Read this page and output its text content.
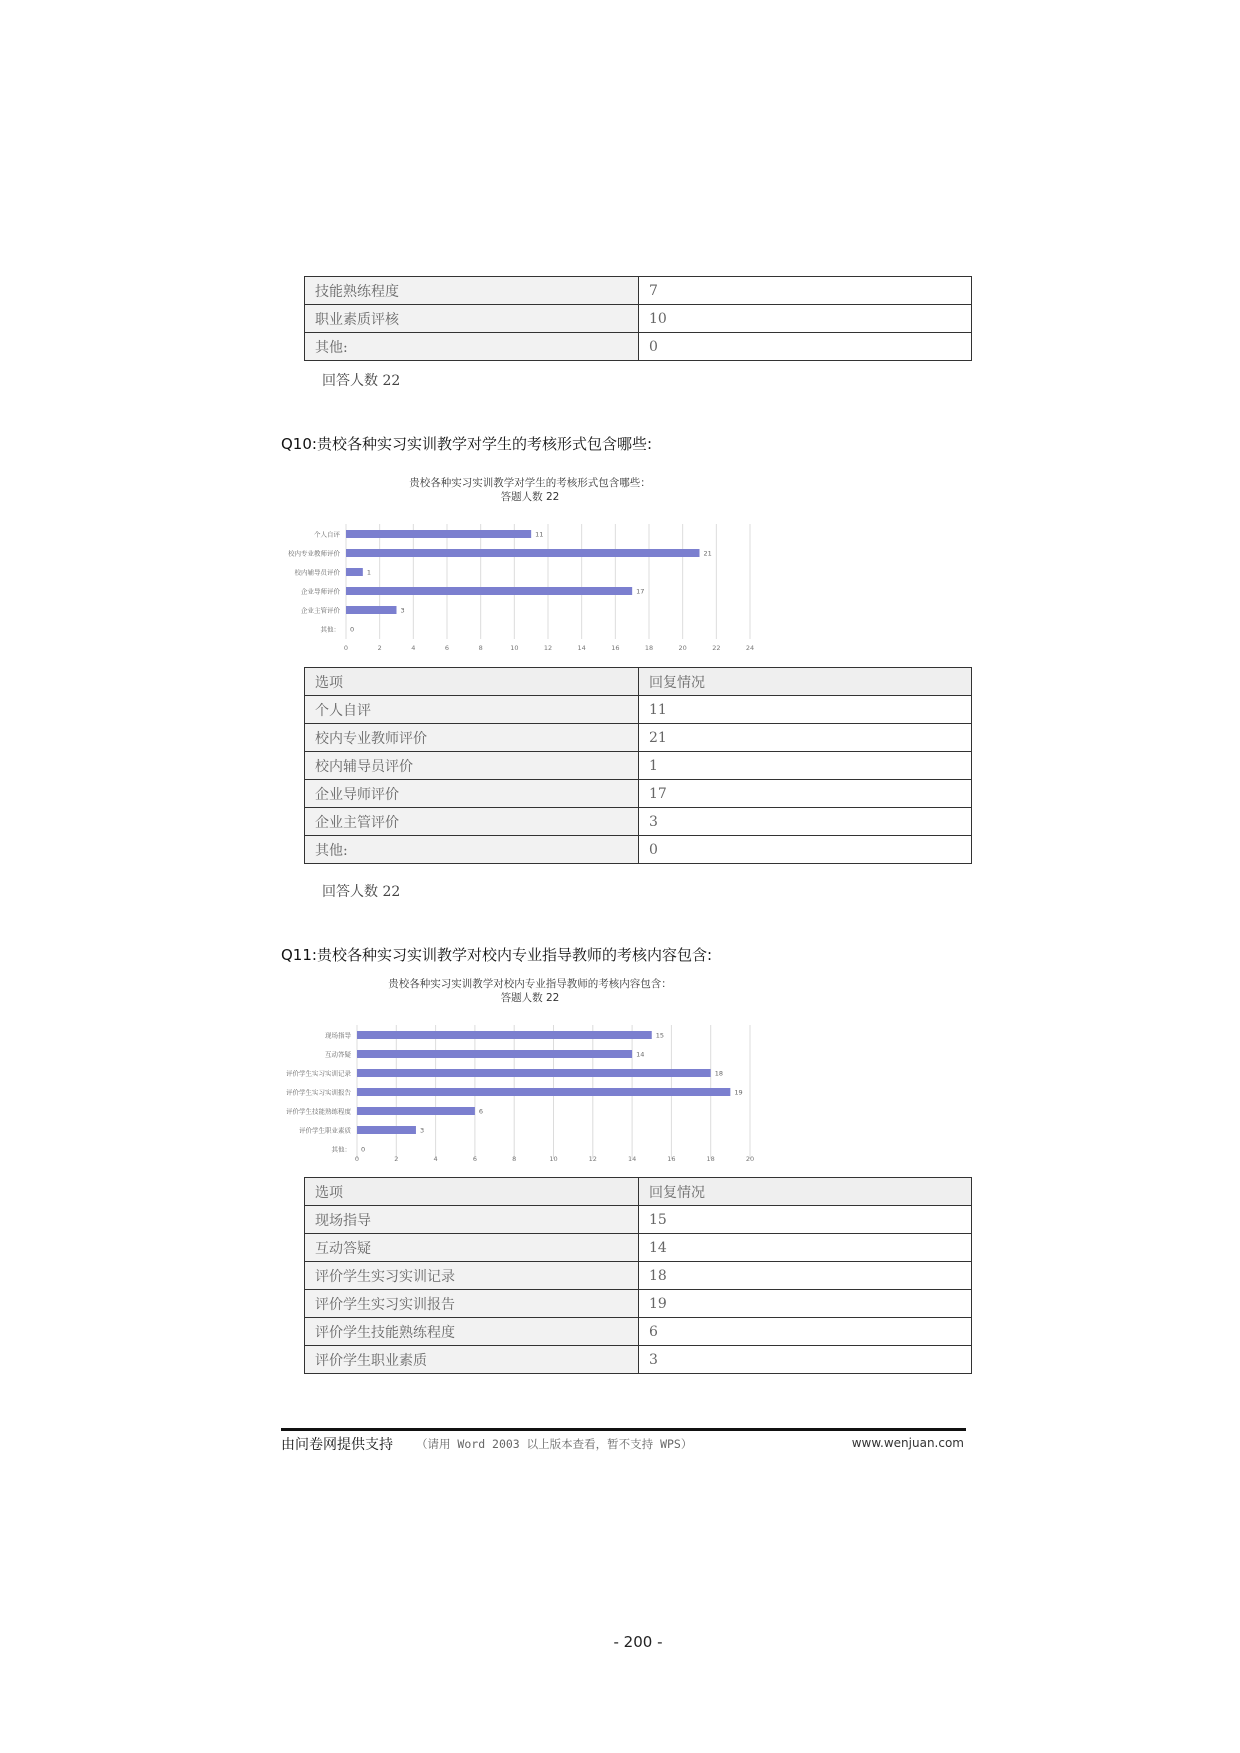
技能熟练程度	7
职业素质评核	10
其他:	0
回答人数 22
Q10:贵校各种实习实训教学对学生的考核形式包含哪些:
贵校各种实习实训教学对学生的考核形式包含哪些：
答题人数 22
0	2	4	6	8	10	12	14	16	18	20	22	24
个人自评	11
校内专业教师评价	21
校内辅导员评价	1
企业导师评价	17
企业主管评价	3
其他： 0
选项	回复情况
个人自评	11
校内专业教师评价	21
校内辅导员评价	1
企业导师评价	17
企业主管评价	3
其他:	0
回答人数 22
Q11:贵校各种实习实训教学对校内专业指导教师的考核内容包含:
贵校各种实习实训教学对校内专业指导教师的考核内容包含：
答题人数 22
0	2	4	6	8	10	12	14	16	18	20
现场指导	15
互动答疑	14
评价学生实习实训记录	18
评价学生实习实训报告	19
评价学生技能熟练程度	6
评价学生职业素质	3
其他： 0
选项	回复情况
现场指导	15
互动答疑	14
评价学生实习实训记录	18
评价学生实习实训报告	19
评价学生技能熟练程度	6
评价学生职业素质	3
由问卷网提供支持 （请用 Word 2003 以上版本查看，暂不支持 WPS）	www.wenjuan.com
- 200 -
